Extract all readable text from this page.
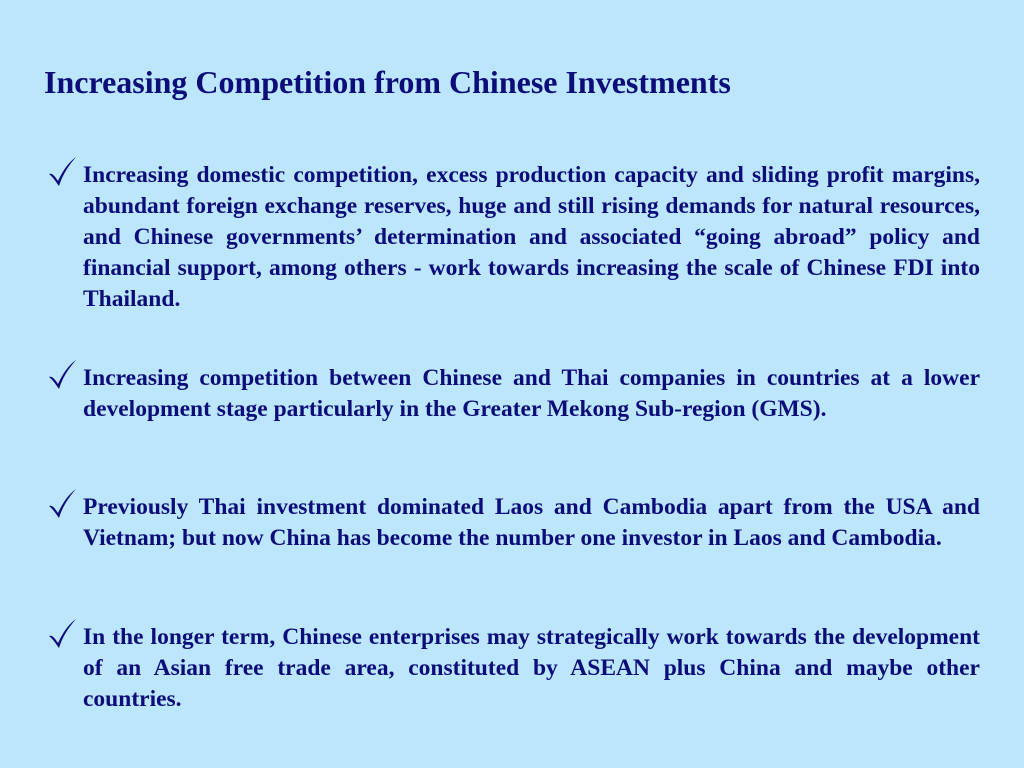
Increasing Competition from Chinese Investments

Increasing domestic competition, excess production capacity and sliding profit margins, abundant foreign exchange reserves, huge and still rising demands for natural resources, and Chinese governments’ determination and associated “going abroad” policy and financial support, among others - work towards increasing the scale of Chinese FDI into Thailand.

Increasing competition between Chinese and Thai companies in countries at a lower development stage particularly in the Greater Mekong Sub-region (GMS).

Previously Thai investment dominated Laos and Cambodia apart from the USA and Vietnam; but now China has become the number one investor in Laos and Cambodia.

In the longer term, Chinese enterprises may strategically work towards the development of an Asian free trade area, constituted by ASEAN plus China and maybe other countries.
